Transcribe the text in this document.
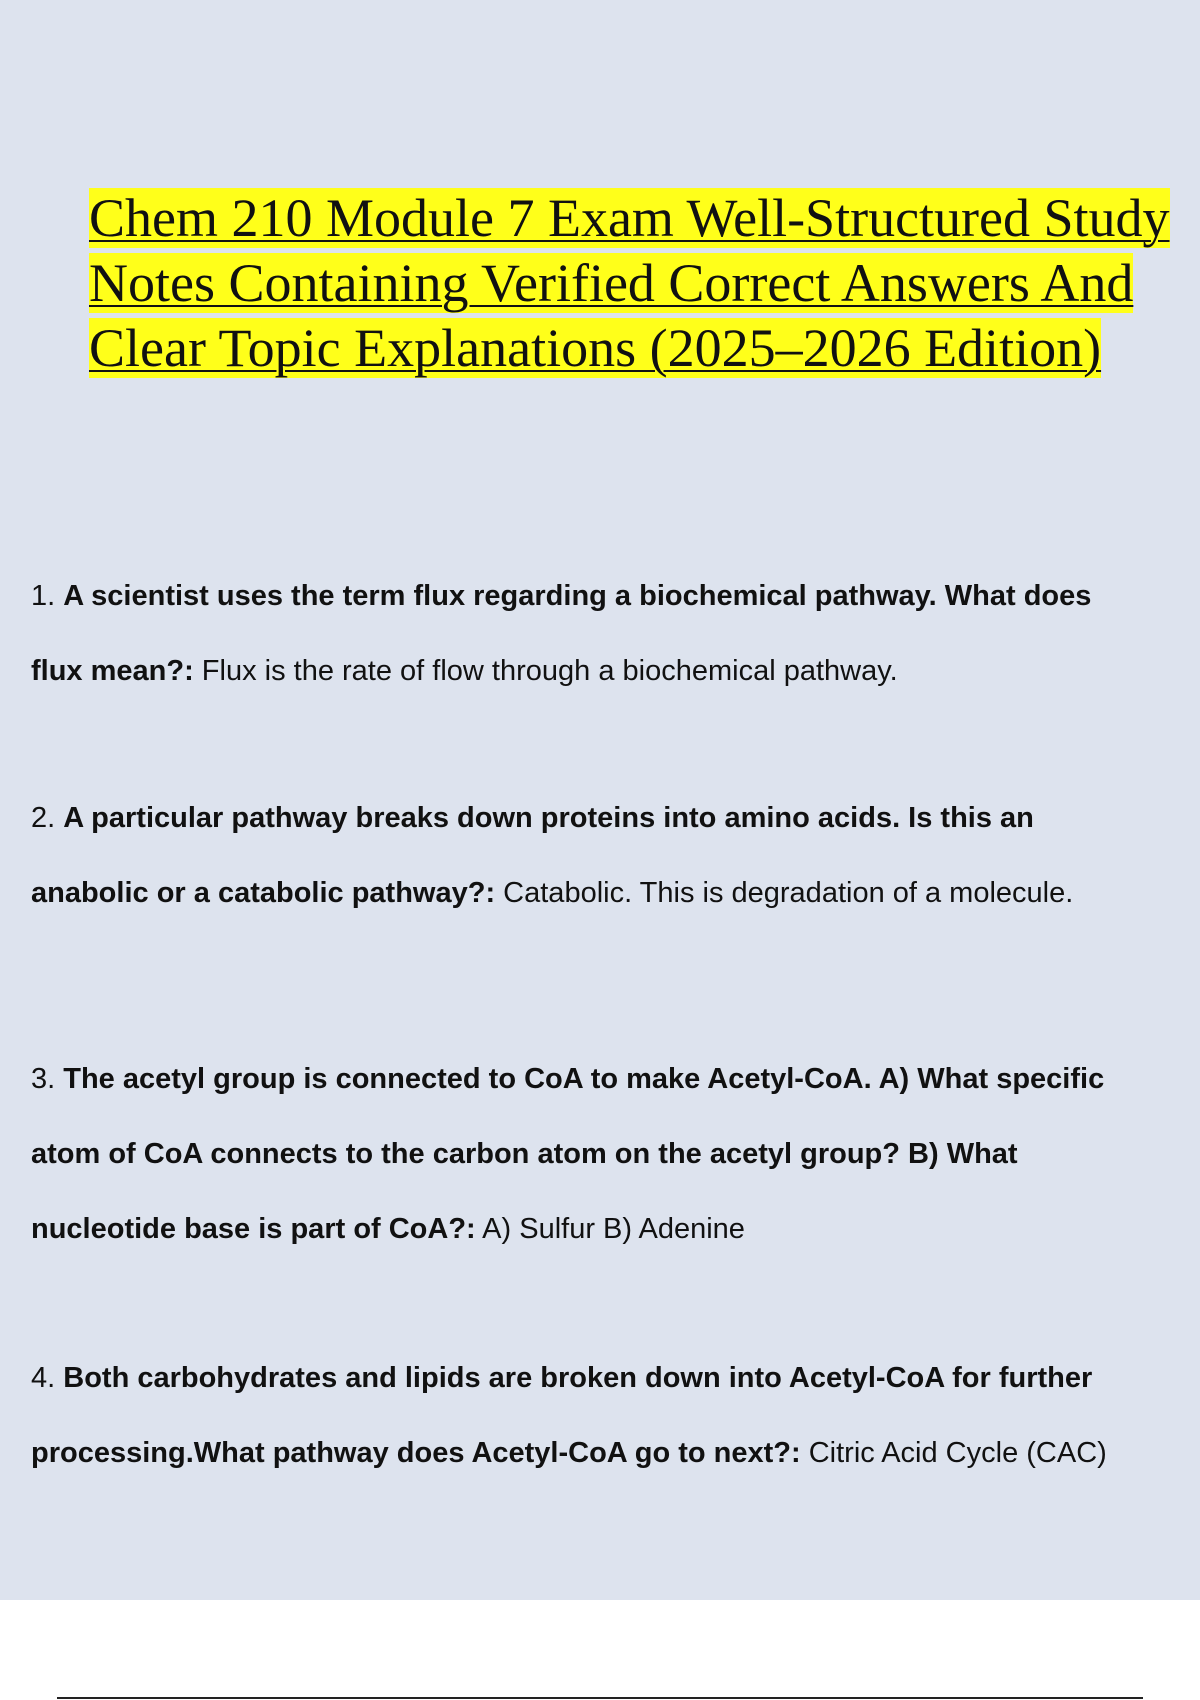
Chem 210 Module 7 Exam Well-Structured Study
Notes Containing Verified Correct Answers And
Clear Topic Explanations (2025–2026 Edition)
1. A scientist uses the term flux regarding a biochemical pathway. What does
flux mean?: Flux is the rate of flow through a biochemical pathway.
2. A particular pathway breaks down proteins into amino acids. Is this an
anabolic or a catabolic pathway?: Catabolic. This is degradation of a molecule.
3. The acetyl group is connected to CoA to make Acetyl-CoA. A) What specific
atom of CoA connects to the carbon atom on the acetyl group? B) What
nucleotide base is part of CoA?: A) Sulfur B) Adenine
4. Both carbohydrates and lipids are broken down into Acetyl-CoA for further
processing.What pathway does Acetyl-CoA go to next?: Citric Acid Cycle (CAC)
